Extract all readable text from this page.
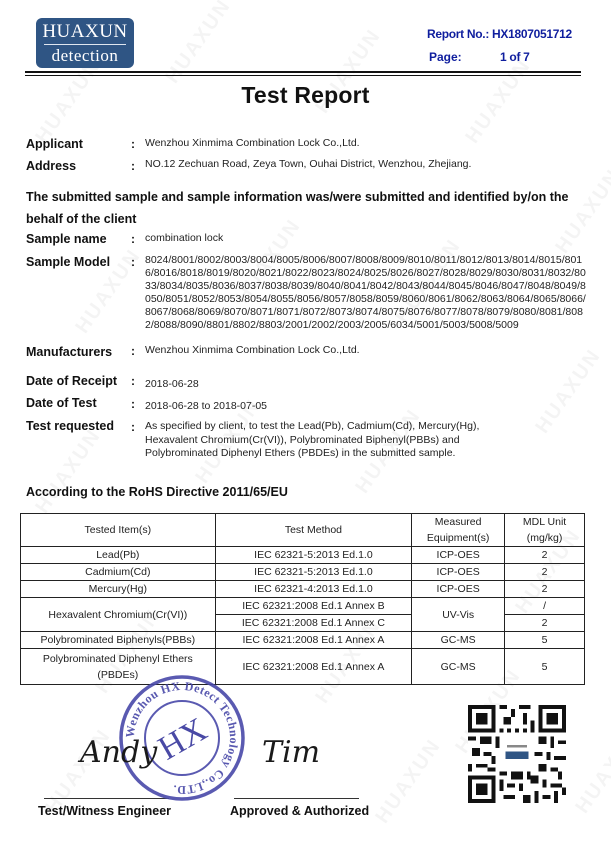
HUAXUN
detection
Report No.: HX1807051712
Page:	1 of 7
Test Report
Applicant	: Wenzhou Xinmima Combination Lock Co.,Ltd.
Address	: NO.12 Zechuan Road, Zeya Town, Ouhai District, Wenzhou, Zhejiang.
The submitted sample and sample information was/were submitted and identified by/on the behalf of the client
Sample name : combination lock
Sample Model : 8024/8001/8002/8003/8004/8005/8006/8007/8008/8009/8010/8011/8012/8013/8014/8015/8016/8016/8018/8019/8020/8021/8022/8023/8024/8025/8026/8027/8028/8029/8030/8031/8032/8033/8034/8035/8036/8037/8038/8039/8040/8041/8042/8043/8044/8045/8046/8047/8048/8049/8050/8051/8052/8053/8054/8055/8056/8057/8058/8059/8060/8061/8062/8063/8064/8065/8066/8067/8068/8069/8070/8071/8071/8072/8073/8074/8075/8076/8077/8078/8079/8080/8081/8082/8088/8090/8801/8802/8803/2001/2002/2003/2005/6034/5001/5003/5008/5009
Manufacturers : Wenzhou Xinmima Combination Lock Co.,Ltd.
Date of Receipt : 2018-06-28
Date of Test	: 2018-06-28 to 2018-07-05
Test requested : As specified by client, to test the Lead(Pb), Cadmium(Cd), Mercury(Hg), Hexavalent Chromium(Cr(VI)), Polybrominated Biphenyl(PBBs) and Polybrominated Diphenyl Ethers (PBDEs) in the submitted sample.
According to the RoHS Directive 2011/65/EU
Tested Item(s)	Test Method	Measured Equipment(s)	MDL Unit (mg/kg)
Lead(Pb)	IEC 62321-5:2013 Ed.1.0	ICP-OES	2
Cadmium(Cd)	IEC 62321-5:2013 Ed.1.0	ICP-OES	2
Mercury(Hg)	IEC 62321-4:2013 Ed.1.0	ICP-OES	2
Hexavalent Chromium(Cr(VI))	IEC 62321:2008 Ed.1 Annex B	UV-Vis	/
	IEC 62321:2008 Ed.1 Annex C		2
Polybrominated Biphenyls(PBBs)	IEC 62321:2008 Ed.1 Annex A	GC-MS	5
Polybrominated Diphenyl Ethers (PBDEs)	IEC 62321:2008 Ed.1 Annex A	GC-MS	5
Wenzhou HX Detect Technology Co.,LTD.
HX
Andy	Tim
Test/Witness Engineer	Approved & Authorized
